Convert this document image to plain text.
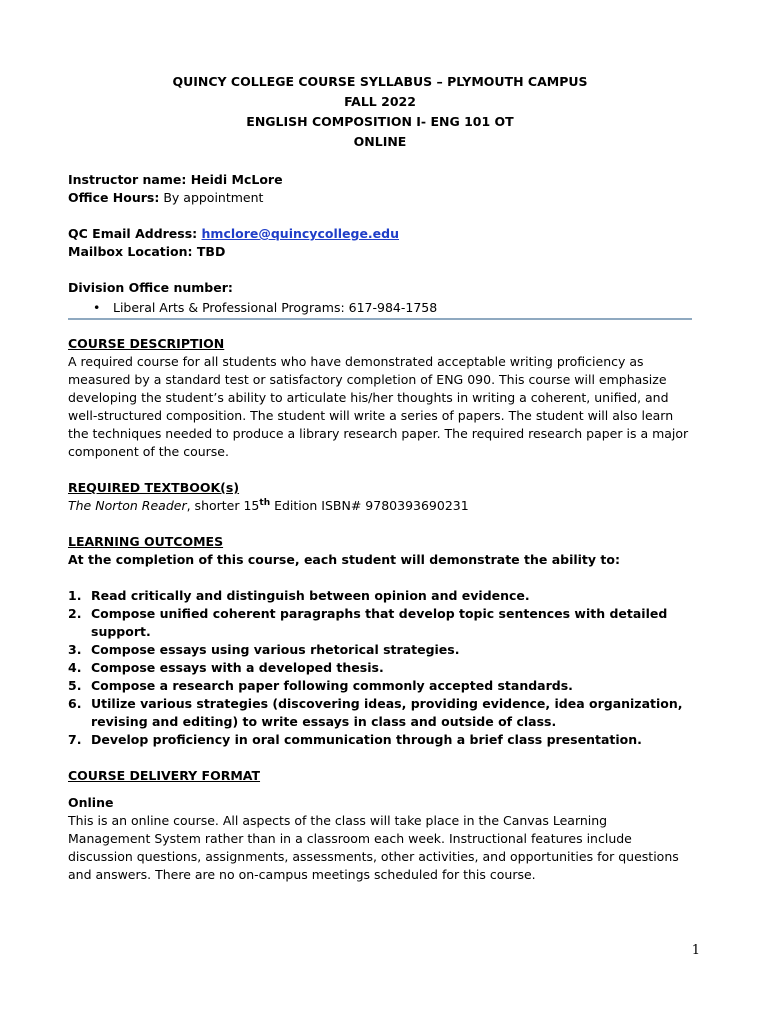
QUINCY COLLEGE COURSE SYLLABUS – PLYMOUTH CAMPUS
FALL 2022
ENGLISH COMPOSITION I- ENG 101 OT
ONLINE
Instructor name: Heidi McLore
Office Hours: By appointment
QC Email Address: hmclore@quincycollege.edu
Mailbox Location: TBD
Division Office number:
• Liberal Arts & Professional Programs: 617-984-1758
COURSE DESCRIPTION
A required course for all students who have demonstrated acceptable writing proficiency as measured by a standard test or satisfactory completion of ENG 090. This course will emphasize developing the student’s ability to articulate his/her thoughts in writing a coherent, unified, and well-structured composition. The student will write a series of papers. The student will also learn the techniques needed to produce a library research paper. The required research paper is a major component of the course.
REQUIRED TEXTBOOK(s)
The Norton Reader, shorter 15th Edition ISBN# 9780393690231
LEARNING OUTCOMES
At the completion of this course, each student will demonstrate the ability to:
1. Read critically and distinguish between opinion and evidence.
2. Compose unified coherent paragraphs that develop topic sentences with detailed support.
3. Compose essays using various rhetorical strategies.
4. Compose essays with a developed thesis.
5. Compose a research paper following commonly accepted standards.
6. Utilize various strategies (discovering ideas, providing evidence, idea organization, revising and editing) to write essays in class and outside of class.
7. Develop proficiency in oral communication through a brief class presentation.
COURSE DELIVERY FORMAT
Online
This is an online course. All aspects of the class will take place in the Canvas Learning Management System rather than in a classroom each week. Instructional features include discussion questions, assignments, assessments, other activities, and opportunities for questions and answers. There are no on-campus meetings scheduled for this course.
1
